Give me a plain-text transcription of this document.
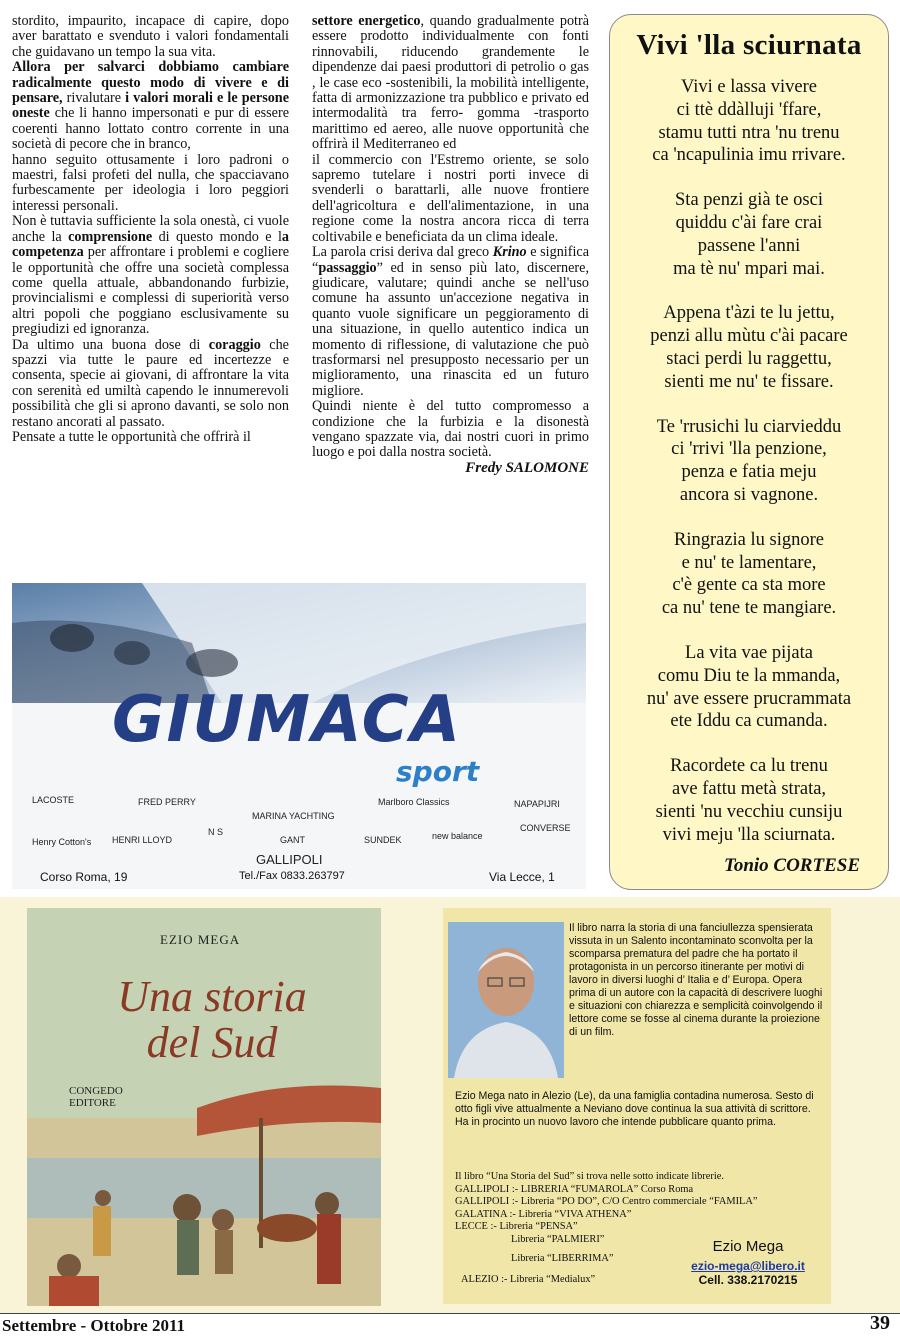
stordito, impaurito, incapace di capire, dopo aver barattato e svenduto i valori fondamentali che guidavano un tempo la sua vita.

Allora per salvarci dobbiamo cambiare radicalmente questo modo di vivere e di pensare, rivalutare i valori morali e le persone oneste che li hanno impersonati e pur di essere coerenti hanno lottato contro corrente in una società di pecore che in branco,

hanno seguito ottusamente i loro padroni o maestri, falsi profeti del nulla, che spacciavano furbescamente per ideologia i loro peggiori interessi personali.

Non è tuttavia sufficiente la sola onestà, ci vuole anche la comprensione di questo mondo e la competenza per affrontare i problemi e cogliere le opportunità che offre una società complessa come quella attuale, abbandonando furbizie, provincialismi e complessi di superiorità verso altri popoli che poggiano esclusivamente su pregiudizi ed ignoranza.

Da ultimo una buona dose di coraggio che spazzi via tutte le paure ed incertezze e consenta, specie ai giovani, di affrontare la vita con serenità ed umiltà capendo le innumerevoli possibilità che gli si aprono davanti, se solo non restano ancorati al passato.

Pensate a tutte le opportunità che offrirà il

settore energetico, quando gradualmente potrà essere prodotto individualmente con fonti rinnovabili, riducendo grandemente le dipendenze dai paesi produttori di petrolio o gas , le case eco -sostenibili, la mobilità intelligente, fatta di armonizzazione tra pubblico e privato ed intermodalità tra ferro- gomma -trasporto marittimo ed aereo, alle nuove opportunità che offrirà il Mediterraneo ed

il commercio con l'Estremo oriente, se solo sapremo tutelare i nostri porti invece di svenderli o barattarli, alle nuove frontiere dell'agricoltura e dell'alimentazione, in una regione come la nostra ancora ricca di terra coltivabile e beneficiata da un clima ideale.

La parola crisi deriva dal greco Krino e significa “passaggio” ed in senso più lato, discernere, giudicare, valutare; quindi anche se nell'uso comune ha assunto un'accezione negativa in quanto vuole significare un peggioramento di una situazione, in quello autentico indica un momento di riflessione, di valutazione che può trasformarsi nel presupposto necessario per un miglioramento, una rinascita ed un futuro migliore.

Quindi niente è del tutto compromesso a condizione che la furbizia e la disonestà vengano spazzate via, dai nostri cuori in primo luogo e poi dalla nostra società.

Fredy SALOMONE

Vivi 'lla sciurnata
Vivi e lassa vivere
ci ttè ddàlluji 'ffare,
stamu tutti ntra 'nu trenu
ca 'ncapulinia imu rrivare.
Sta penzi già te osci
quiddu c'ài fare crai
passene l'anni
ma tè nu' mpari mai.
Appena t'àzi te lu jettu,
penzi allu mùtu c'ài pacare
staci perdi lu raggettu,
sienti me nu' te fissare.
Te 'rrusichi lu ciarvieddu
ci 'rrivi 'lla penzione,
penza e fatia meju
ancora si vagnone.
Ringrazia lu signore
e nu' te lamentare,
c'è gente ca sta more
ca nu' tene te mangiare.
La vita vae pijata
comu Diu te la mmanda,
nu' ave essere prucrammata
ete Iddu ca cumanda.
Racordete ca lu trenu
ave fattu metà strata,
sienti 'nu vecchiu cunsiju
vivi meju 'lla sciurnata.
Tonio CORTESE
GIUMACA
sport
LACOSTE	FRED PERRY
MARINA YACHTING
Marlboro Classics	NAPAPIJRI
Henry Cotton's HENRI LLOYD
N S
GANT	SUNDEK	new balance
CONVERSE
GALLIPOLI
Corso Roma, 19	Tel./Fax 0833.263797	Via Lecce, 1
EZIO MEGA
Una storia
del Sud
CONGEDO
EDITORE
Il libro narra la storia di una fanciullezza spensierata vissuta in un Salento incontaminato sconvolta per la scomparsa prematura del padre che ha portato il protagonista in un percorso itinerante per motivi di lavoro in diversi luoghi d’ Italia e d’ Europa. Opera prima di un autore con la capacità di descrivere luoghi e situazioni con chiarezza e semplicità coinvolgendo il lettore come se fosse al cinema durante la proiezione di un film.
Ezio Mega nato in Alezio (Le), da una famiglia contadina numerosa. Sesto di otto figli vive attualmente a Neviano dove continua la sua attività di scrittore. Ha in procinto un nuovo lavoro che intende pubblicare quanto prima.
Il libro “Una Storia del Sud” si trova nelle sotto indicate librerie.
GALLIPOLI :- LIBRERIA “FUMAROLA” Corso Roma
GALLIPOLI :- Libreria “PO DO”, C/O Centro commerciale “FAMILA”
GALATINA :- Libreria “VIVA ATHENA”
LECCE :- Libreria “PENSA”
Libreria “PALMIERI”
Libreria “LIBERRIMA”
ALEZIO :- Libreria “Medialux”
Ezio Mega
ezio-mega@libero.it
Cell. 338.2170215
Settembre - Ottobre 2011	39
